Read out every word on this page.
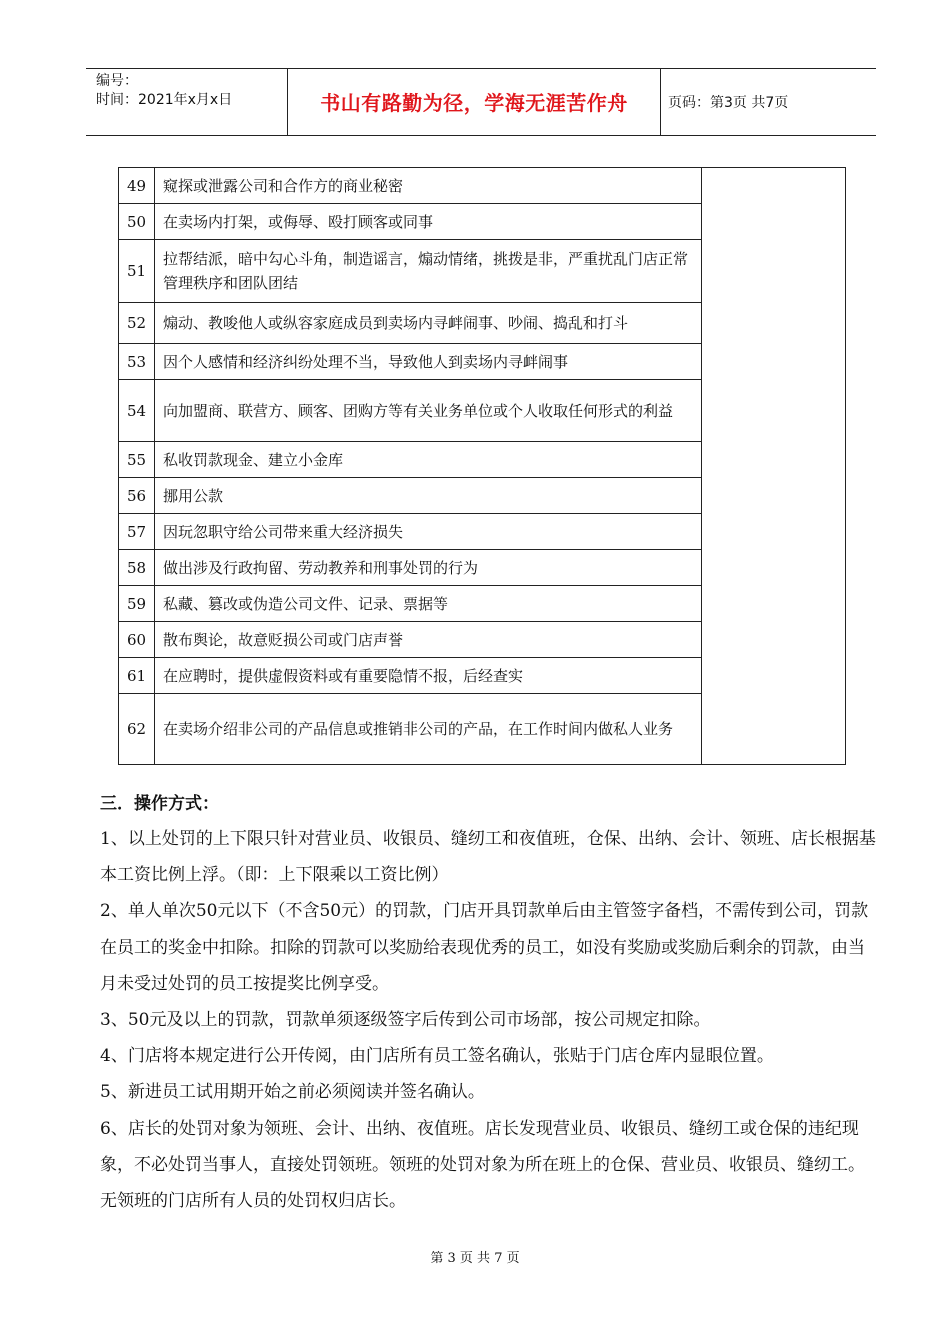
编号：
时间：2021年x月x日	书山有路勤为径，学海无涯苦作舟	页码：第3页 共7页
49	窥探或泄露公司和合作方的商业秘密	
50	在卖场内打架，或侮辱、殴打顾客或同事	
51	拉帮结派，暗中勾心斗角，制造谣言，煽动情绪，挑拨是非，严重扰乱门店正常管理秩序和团队团结	
52	煽动、教唆他人或纵容家庭成员到卖场内寻衅闹事、吵闹、捣乱和打斗	
53	因个人感情和经济纠纷处理不当，导致他人到卖场内寻衅闹事	
54	向加盟商、联营方、顾客、团购方等有关业务单位或个人收取任何形式的利益	
55	私收罚款现金、建立小金库	
56	挪用公款	
57	因玩忽职守给公司带来重大经济损失	
58	做出涉及行政拘留、劳动教养和刑事处罚的行为	
59	私藏、篡改或伪造公司文件、记录、票据等	
60	散布舆论，故意贬损公司或门店声誉	
61	在应聘时，提供虚假资料或有重要隐情不报，后经查实	
62	在卖场介绍非公司的产品信息或推销非公司的产品，在工作时间内做私人业务	
三．操作方式：

1、以上处罚的上下限只针对营业员、收银员、缝纫工和夜值班，仓保、出纳、会计、领班、店长根据基本工资比例上浮。（即：上下限乘以工资比例）

2、单人单次50元以下（不含50元）的罚款，门店开具罚款单后由主管签字备档，不需传到公司，罚款在员工的奖金中扣除。扣除的罚款可以奖励给表现优秀的员工，如没有奖励或奖励后剩余的罚款，由当月未受过处罚的员工按提奖比例享受。

3、50元及以上的罚款，罚款单须逐级签字后传到公司市场部，按公司规定扣除。

4、门店将本规定进行公开传阅，由门店所有员工签名确认，张贴于门店仓库内显眼位置。

5、新进员工试用期开始之前必须阅读并签名确认。

6、店长的处罚对象为领班、会计、出纳、夜值班。店长发现营业员、收银员、缝纫工或仓保的违纪现象，不必处罚当事人，直接处罚领班。领班的处罚对象为所在班上的仓保、营业员、收银员、缝纫工。无领班的门店所有人员的处罚权归店长。

第 3 页 共 7 页
